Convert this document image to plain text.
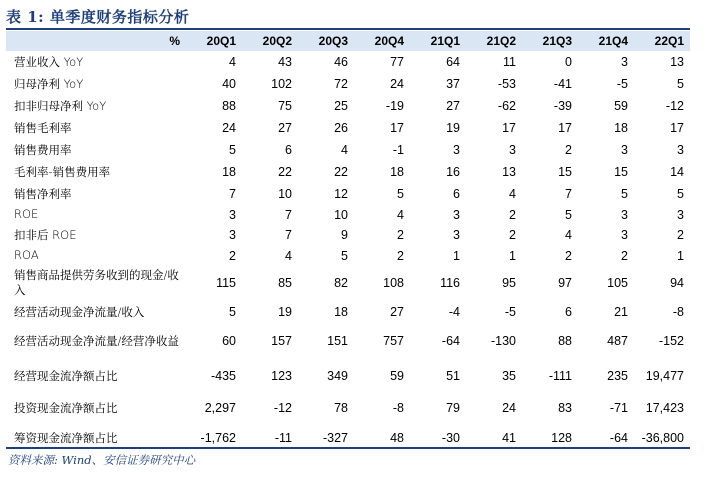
表 1: 单季度财务指标分析
%	20Q1	20Q2	20Q3	20Q4	21Q1	21Q2	21Q3	21Q4	22Q1
营业收入 YoY	4	43	46	77	64	11	0	3	13
归母净利 YoY	40	102	72	24	37	-53	-41	-5	5
扣非归母净利 YoY	88	75	25	-19	27	-62	-39	59	-12
销售毛利率	24	27	26	17	19	17	17	18	17
销售费用率	5	6	4	-1	3	3	2	3	3
毛利率-销售费用率	18	22	22	18	16	13	15	15	14
销售净利率	7	10	12	5	6	4	7	5	5
ROE	3	7	10	4	3	2	5	3	3
扣非后 ROE	3	7	9	2	3	2	4	3	2
ROA	2	4	5	2	1	1	2	2	1
销售商品提供劳务收到的现金/收入	115	85	82	108	116	95	97	105	94
经营活动现金净流量/收入	5	19	18	27	-4	-5	6	21	-8
经营活动现金净流量/经营净收益	60	157	151	757	-64	-130	88	487	-152
经营现金流净额占比	-435	123	349	59	51	35	-111	235	19,477
投资现金流净额占比	2,297	-12	78	-8	79	24	83	-71	17,423
筹资现金流净额占比	-1,762	-11	-327	48	-30	41	128	-64	-36,800
资料来源: Wind、安信证券研究中心
